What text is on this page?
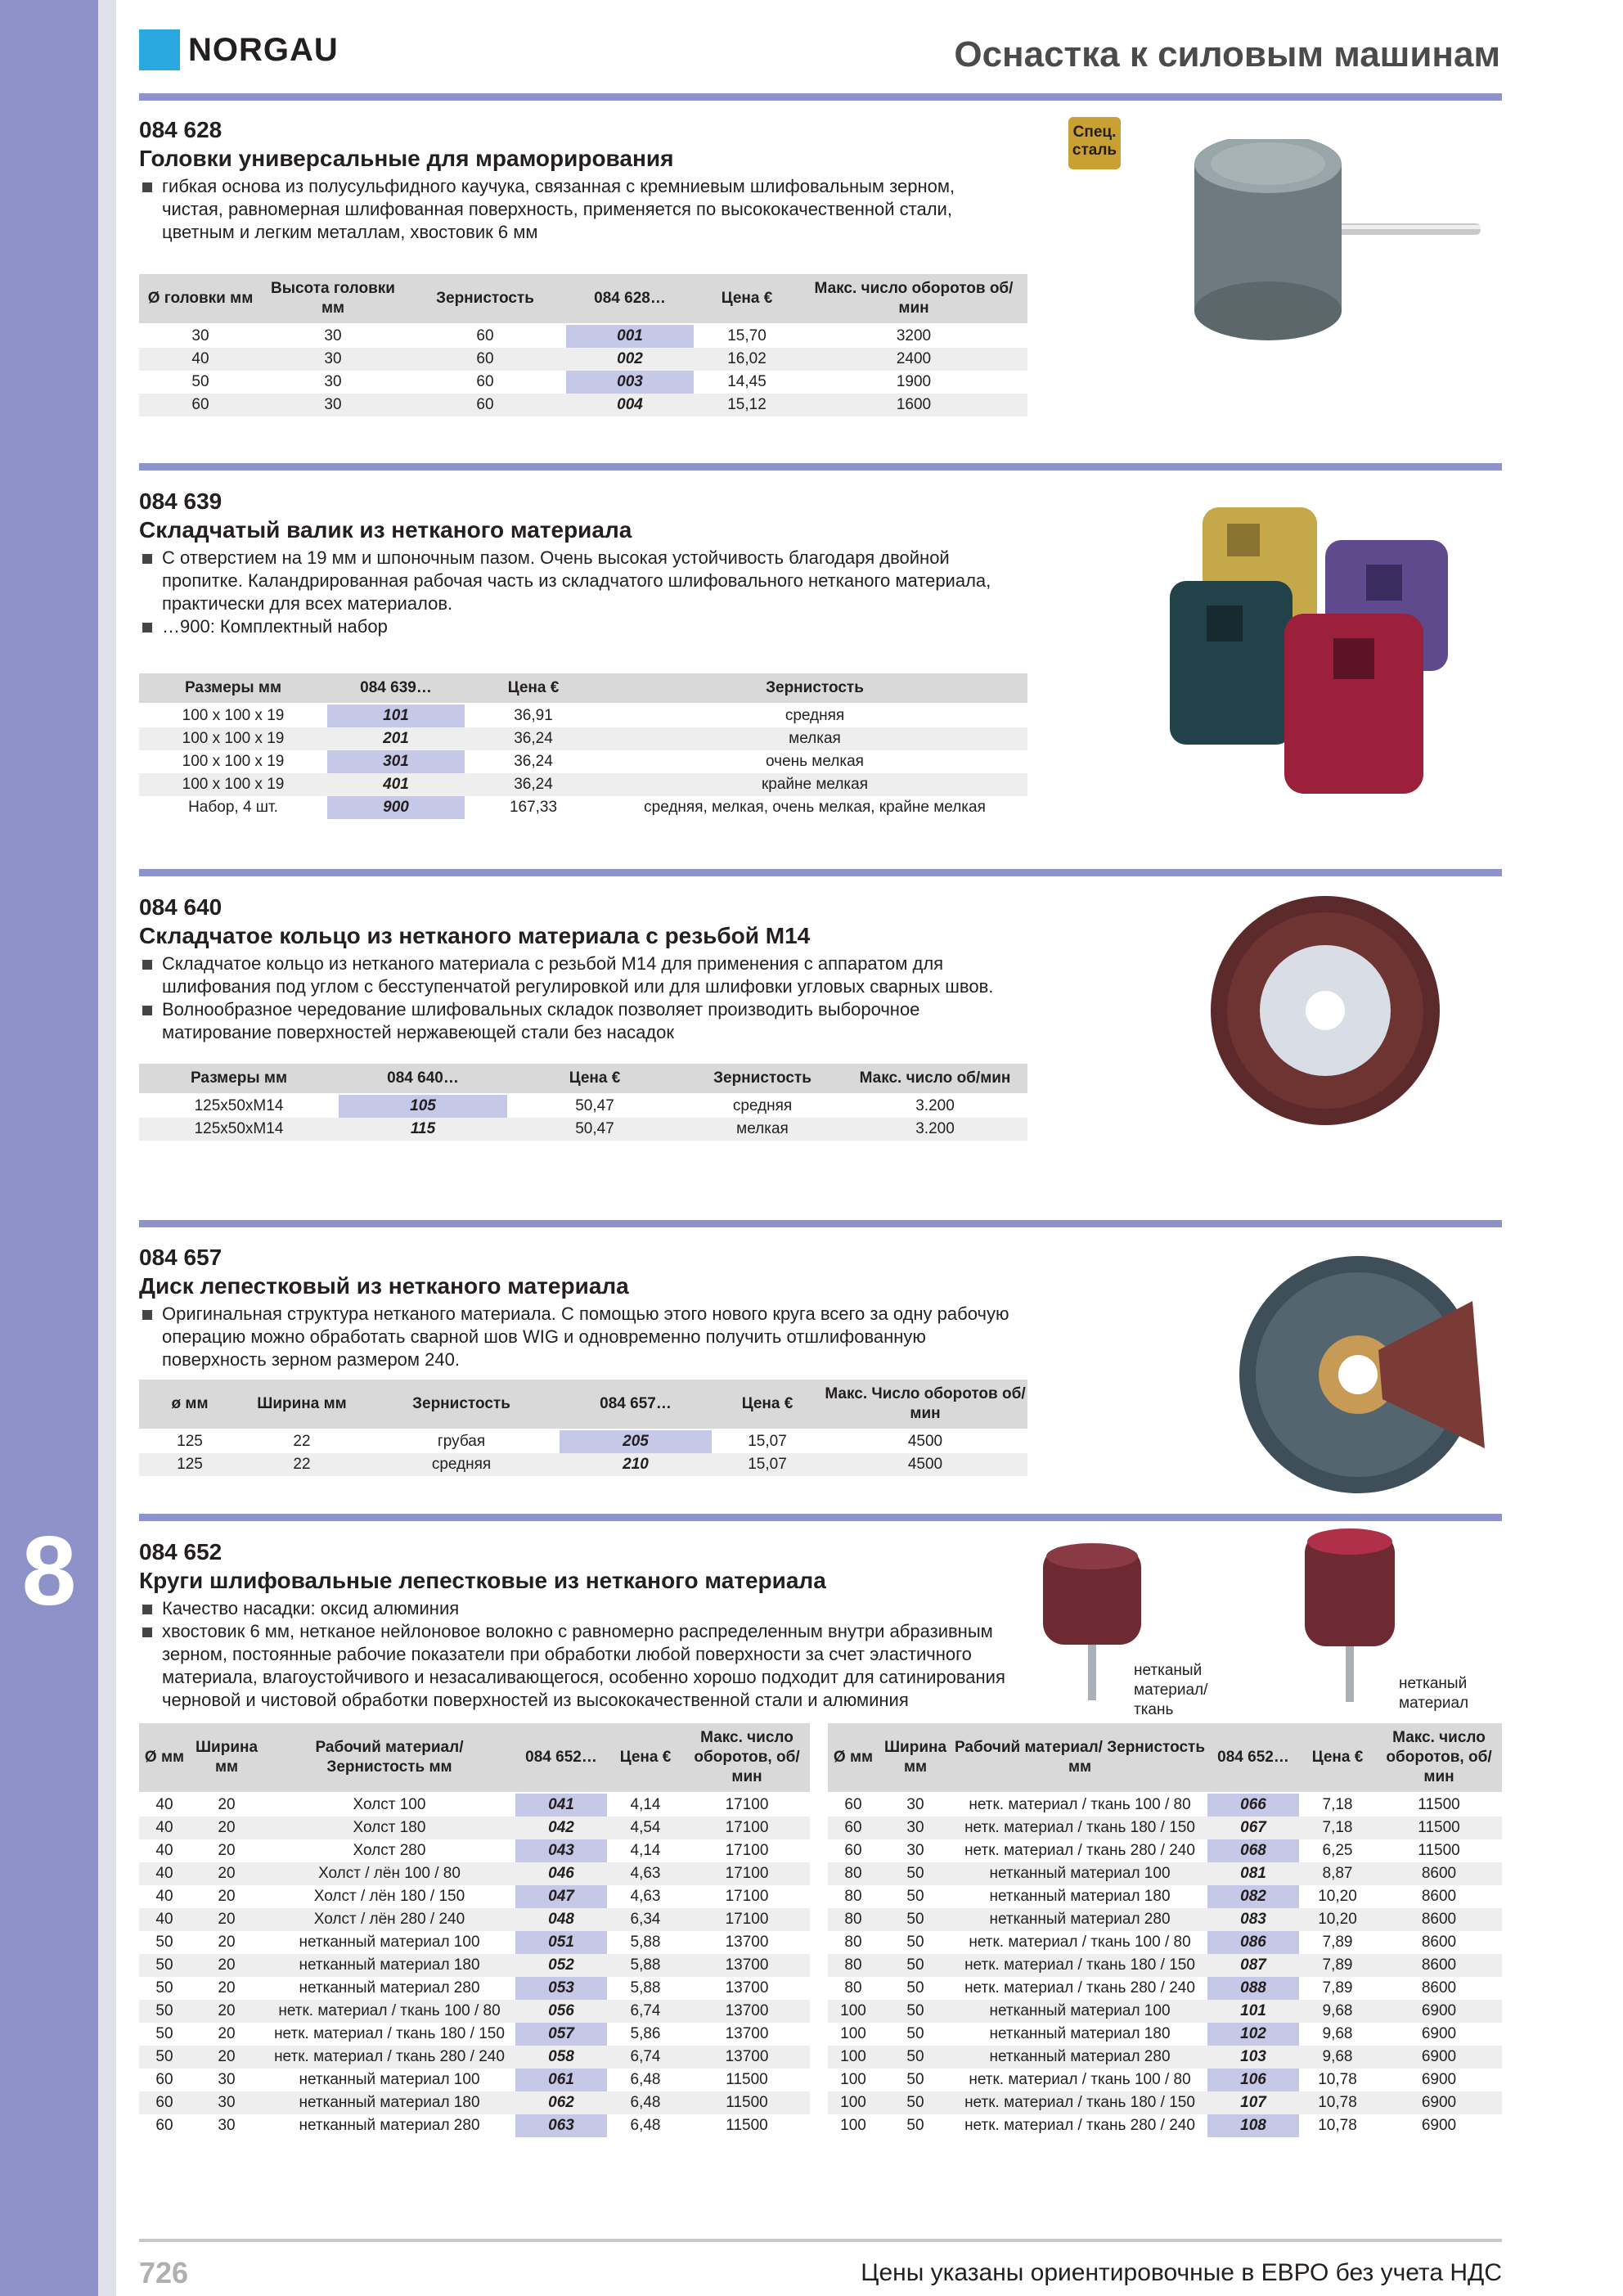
8
NORGAU	Оснастка к силовым машинам
084 628
Головки универсальные для мраморирования
гибкая основа из полусульфидного каучука, связанная с кремниевым шлифовальным зерном, чистая, равномерная шлифованная поверхность, применяется по высококачественной стали, цветным и легким металлам, хвостовик 6 мм
Спец. сталь
Ø головки мм	Высота головки мм	Зернистость	084 628…	Цена €	Макс. число оборотов об/мин
30	30	60	001	15,70	3200
40	30	60	002	16,02	2400
50	30	60	003	14,45	1900
60	30	60	004	15,12	1600
084 639
Складчатый валик из нетканого материала
С отверстием на 19 мм и шпоночным пазом. Очень высокая устойчивость благодаря двойной пропитке. Каландрированная рабочая часть из складчатого шлифовального нетканого материала, практически для всех материалов.
…900: Комплектный набор
Размеры мм	084 639…	Цена €	Зернистость
100 x 100 x 19	101	36,91	средняя
100 x 100 x 19	201	36,24	мелкая
100 x 100 x 19	301	36,24	очень мелкая
100 x 100 x 19	401	36,24	крайне мелкая
Набор, 4 шт.	900	167,33	средняя, мелкая, очень мелкая, крайне мелкая
084 640
Складчатое кольцо из нетканого материала с резьбой М14
Складчатое кольцо из нетканого материала с резьбой М14 для применения с аппаратом для шлифования под углом с бесступенчатой регулировкой или для шлифовки угловых сварных швов.
Волнообразное чередование шлифовальных складок позволяет производить выборочное матирование поверхностей нержавеющей стали без насадок
Размеры мм	084 640…	Цена €	Зернистость	Макс. число об/мин
125x50xM14	105	50,47	средняя	3.200
125x50xM14	115	50,47	мелкая	3.200
084 657
Диск лепестковый из нетканого материала
Оригинальная структура нетканого материала. С помощью этого нового круга всего за одну рабочую операцию можно обработать сварной шов WIG и одновременно получить отшлифованную поверхность зерном размером 240.
ø мм	Ширина мм	Зернистость	084 657…	Цена €	Макс. Число оборотов об/мин
125	22	грубая	205	15,07	4500
125	22	средняя	210	15,07	4500
084 652
Круги шлифовальные лепестковые из нетканого материала
Качество насадки: оксид алюминия
хвостовик 6 мм, нетканое нейлоновое волокно с равномерно распределенным внутри абразивным зерном, постоянные рабочие показатели при обработки любой поверхности за счет эластичного материала, влагоустойчивого и незасаливающегося, особенно хорошо подходит для сатинирования черновой и чистовой обработки поверхностей из высококачественной стали и алюминия
нетканый материал/ ткань
нетканый материал
Ø мм	Ширина мм	Рабочий материал/ Зернистость мм	084 652…	Цена €	Макс. число оборотов, об/мин
40	20	Холст 100	041	4,14	17100
40	20	Холст 180	042	4,54	17100
40	20	Холст 280	043	4,14	17100
40	20	Холст / лён 100 / 80	046	4,63	17100
40	20	Холст / лён 180 / 150	047	4,63	17100
40	20	Холст / лён 280 / 240	048	6,34	17100
50	20	нетканный материал 100	051	5,88	13700
50	20	нетканный материал 180	052	5,88	13700
50	20	нетканный материал 280	053	5,88	13700
50	20	нетк. материал / ткань 100 / 80	056	6,74	13700
50	20	нетк. материал / ткань 180 / 150	057	5,86	13700
50	20	нетк. материал / ткань 280 / 240	058	6,74	13700
60	30	нетканный материал 100	061	6,48	11500
60	30	нетканный материал 180	062	6,48	11500
60	30	нетканный материал 280	063	6,48	11500
Ø мм	Ширина мм	Рабочий материал/ Зернистость мм	084 652…	Цена €	Макс. число оборотов, об/мин
60	30	нетк. материал / ткань 100 / 80	066	7,18	11500
60	30	нетк. материал / ткань 180 / 150	067	7,18	11500
60	30	нетк. материал / ткань 280 / 240	068	6,25	11500
80	50	нетканный материал 100	081	8,87	8600
80	50	нетканный материал 180	082	10,20	8600
80	50	нетканный материал 280	083	10,20	8600
80	50	нетк. материал / ткань 100 / 80	086	7,89	8600
80	50	нетк. материал / ткань 180 / 150	087	7,89	8600
80	50	нетк. материал / ткань 280 / 240	088	7,89	8600
100	50	нетканный материал 100	101	9,68	6900
100	50	нетканный материал 180	102	9,68	6900
100	50	нетканный материал 280	103	9,68	6900
100	50	нетк. материал / ткань 100 / 80	106	10,78	6900
100	50	нетк. материал / ткань 180 / 150	107	10,78	6900
100	50	нетк. материал / ткань 280 / 240	108	10,78	6900
726	Цены указаны ориентировочные в ЕВРО без учета НДС
